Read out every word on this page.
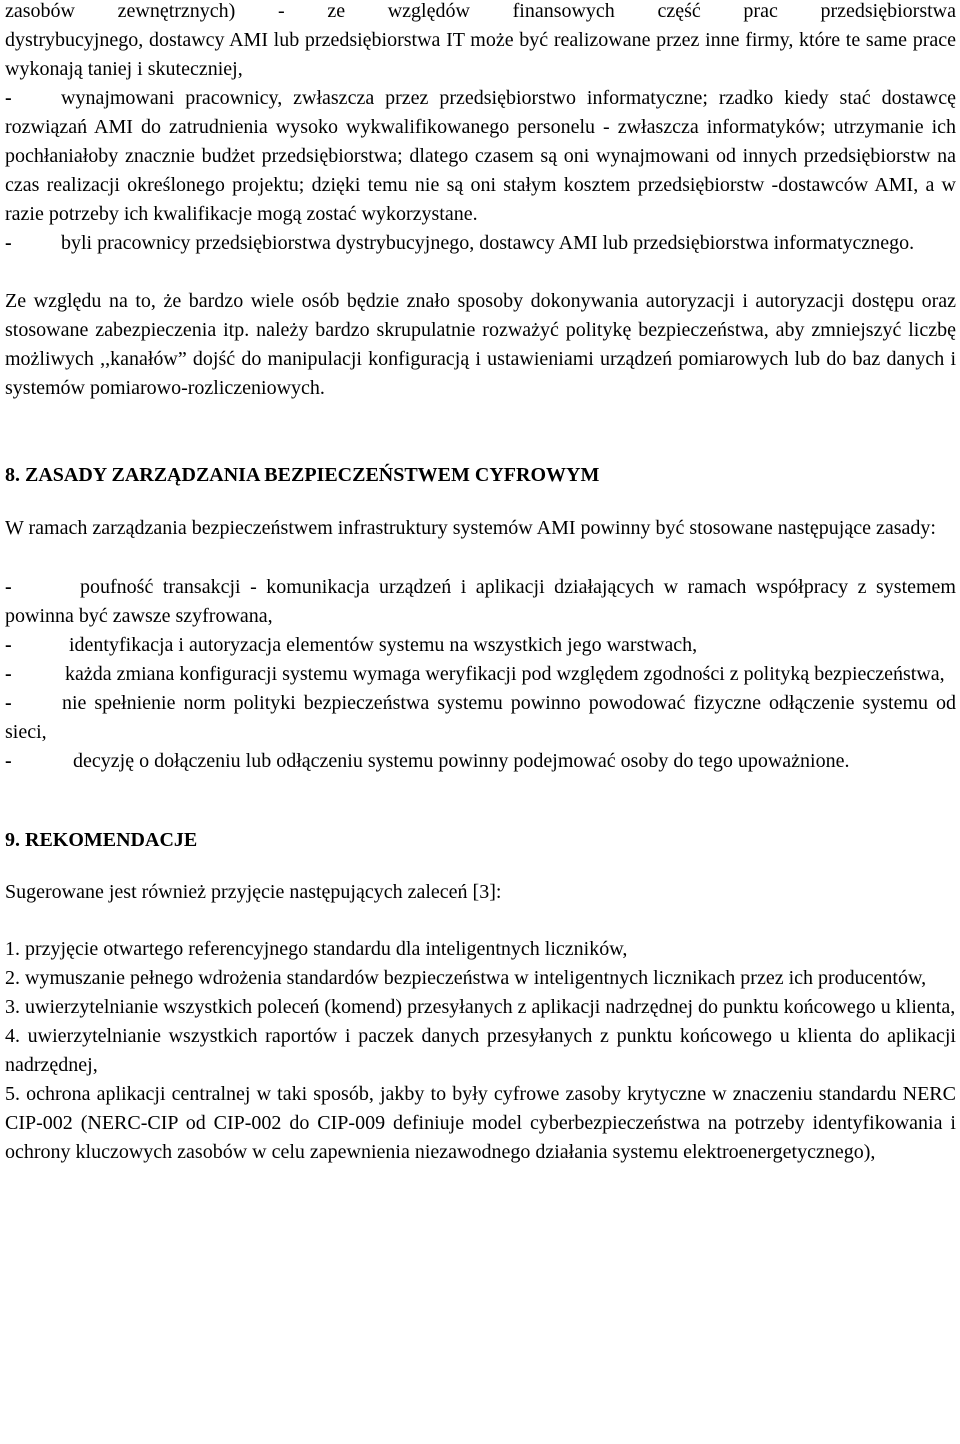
zasobów zewnętrznych) - ze względów finansowych część prac przedsiębiorstwa

dystrybucyjnego, dostawcy AMI lub przedsiębiorstwa IT może być realizowane przez inne firmy, które te same prace wykonają taniej i skuteczniej,

- wynajmowani pracownicy, zwłaszcza przez przedsiębiorstwo informatyczne; rzadko kiedy stać dostawcę rozwiązań AMI do zatrudnienia wysoko wykwalifikowanego personelu - zwłaszcza informatyków; utrzymanie ich pochłaniałoby znacznie budżet przedsiębiorstwa; dlatego czasem są oni wynajmowani od innych przedsiębiorstw na czas realizacji określonego projektu; dzięki temu nie są oni stałym kosztem przedsiębiorstw -dostawców AMI, a w razie potrzeby ich kwalifikacje mogą zostać wykorzystane.

- byli pracownicy przedsiębiorstwa dystrybucyjnego, dostawcy AMI lub przedsiębiorstwa informatycznego.

Ze względu na to, że bardzo wiele osób będzie znało sposoby dokonywania autoryzacji i autoryzacji dostępu oraz stosowane zabezpieczenia itp. należy bardzo skrupulatnie rozważyć politykę bezpieczeństwa, aby zmniejszyć liczbę możliwych ,,kanałów” dojść do manipulacji konfiguracją i ustawieniami urządzeń pomiarowych lub do baz danych i systemów pomiarowo-rozliczeniowych.

8. ZASADY ZARZĄDZANIA BEZPIECZEŃSTWEM CYFROWYM

W ramach zarządzania bezpieczeństwem infrastruktury systemów AMI powinny być stosowane następujące zasady:

-	poufność transakcji - komunikacja urządzeń i aplikacji działających w ramach współpracy z systemem powinna być zawsze szyfrowana,

-	identyfikacja i autoryzacja elementów systemu na wszystkich jego warstwach,

-	każda zmiana konfiguracji systemu wymaga weryfikacji pod względem zgodności z polityką bezpieczeństwa,

-	nie spełnienie norm polityki bezpieczeństwa systemu powinno powodować fizyczne odłączenie systemu od sieci,

-	decyzję o dołączeniu lub odłączeniu systemu powinny podejmować osoby do tego upoważnione.

9. REKOMENDACJE

Sugerowane jest również przyjęcie następujących zaleceń [3]:

1. przyjęcie otwartego referencyjnego standardu dla inteligentnych liczników,

2. wymuszanie pełnego wdrożenia standardów bezpieczeństwa w inteligentnych licznikach przez ich producentów,

3. uwierzytelnianie wszystkich poleceń (komend) przesyłanych z aplikacji nadrzędnej do punktu końcowego u klienta,

4. uwierzytelnianie wszystkich raportów i paczek danych przesyłanych z punktu końcowego u klienta do aplikacji nadrzędnej,

5. ochrona aplikacji centralnej w taki sposób, jakby to były cyfrowe zasoby krytyczne w znaczeniu standardu NERC CIP-002 (NERC-CIP od CIP-002 do CIP-009 definiuje model cyberbezpieczeństwa na potrzeby identyfikowania i ochrony kluczowych zasobów w celu zapewnienia niezawodnego działania systemu elektroenergetycznego),
